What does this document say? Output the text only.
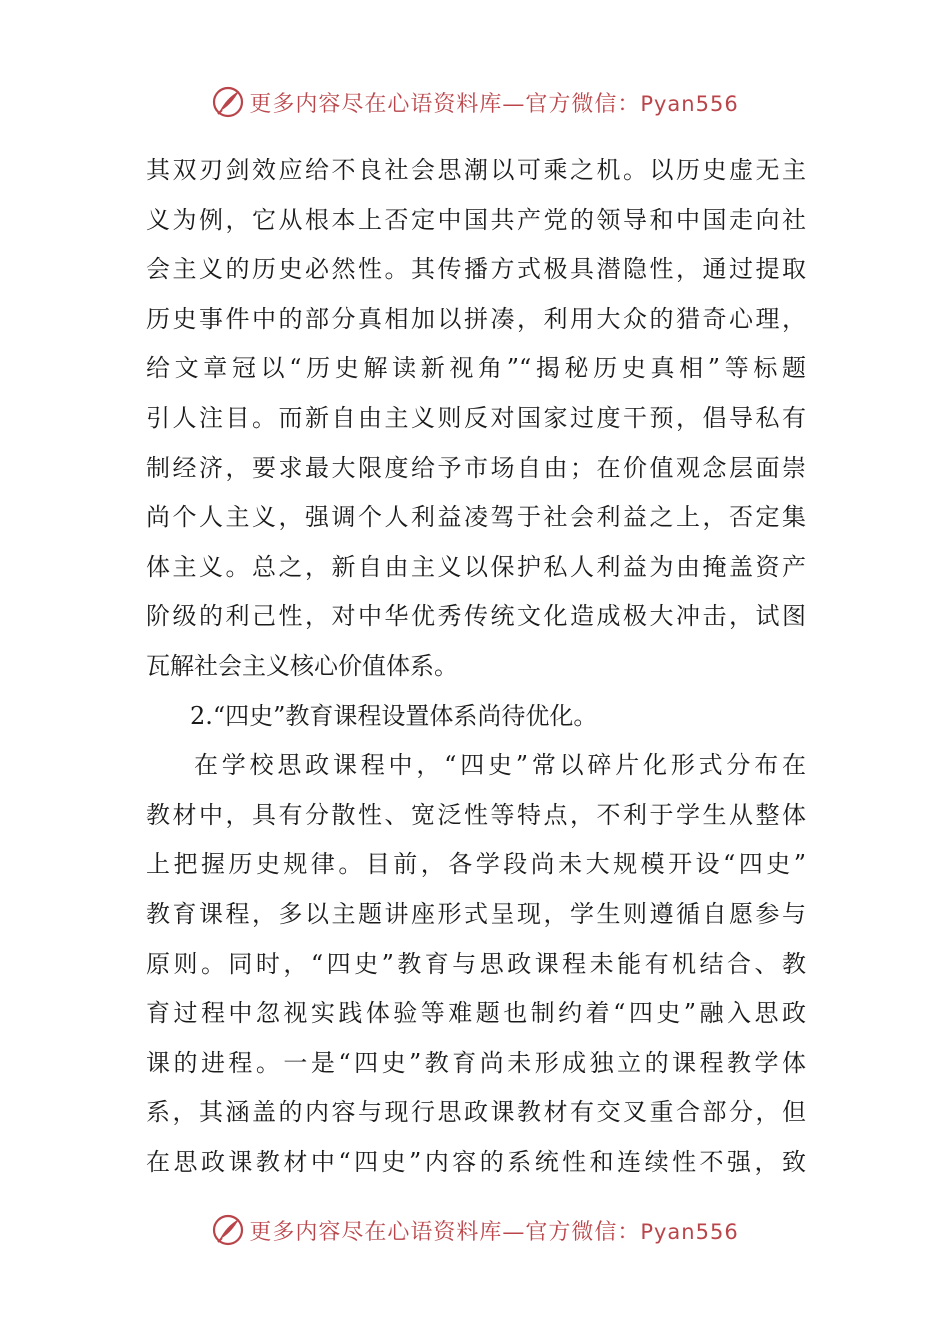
更多内容尽在心语资料库—官方微信：Pyan556
其双刃剑效应给不良社会思潮以可乘之机。以历史虚无主
义为例，它从根本上否定中国共产党的领导和中国走向社
会主义的历史必然性。其传播方式极具潜隐性，通过提取
历史事件中的部分真相加以拼凑，利用大众的猎奇心理，
给文章冠以“历史解读新视角”“揭秘历史真相”等标题
引人注目。而新自由主义则反对国家过度干预，倡导私有
制经济，要求最大限度给予市场自由；在价值观念层面崇
尚个人主义，强调个人利益凌驾于社会利益之上，否定集
体主义。总之，新自由主义以保护私人利益为由掩盖资产
阶级的利己性，对中华优秀传统文化造成极大冲击，试图
瓦解社会主义核心价值体系。
2.“四史”教育课程设置体系尚待优化。
在学校思政课程中，“四史”常以碎片化形式分布在
教材中，具有分散性、宽泛性等特点，不利于学生从整体
上把握历史规律。目前，各学段尚未大规模开设“四史”
教育课程，多以主题讲座形式呈现，学生则遵循自愿参与
原则。同时，“四史”教育与思政课程未能有机结合、教
育过程中忽视实践体验等难题也制约着“四史”融入思政
课的进程。一是“四史”教育尚未形成独立的课程教学体
系，其涵盖的内容与现行思政课教材有交叉重合部分，但
在思政课教材中“四史”内容的系统性和连续性不强，致
更多内容尽在心语资料库—官方微信：Pyan556
